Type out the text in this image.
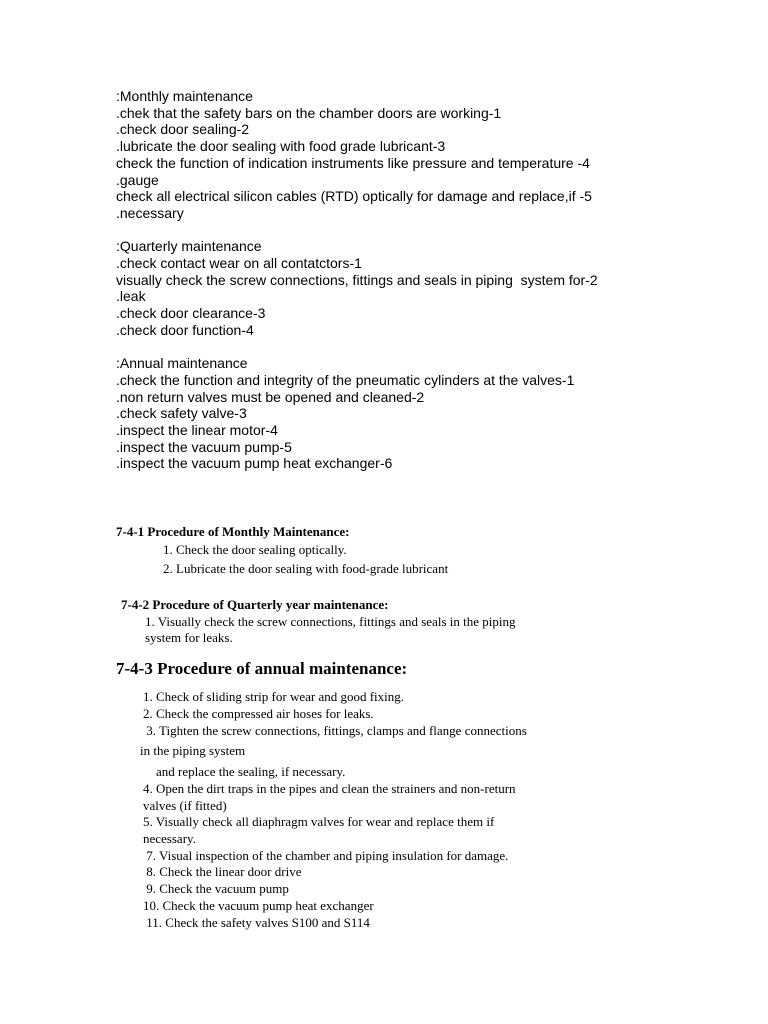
:Monthly maintenance
.chek that the safety bars on the chamber doors are working-1
.check door sealing-2
.lubricate the door sealing with food grade lubricant-3
check the function of indication instruments like pressure and temperature -4
.gauge
check all electrical silicon cables (RTD) optically for damage and replace,if -5
.necessary
:Quarterly maintenance
.check contact wear on all contatctors-1
visually check the screw connections, fittings and seals in piping  system for-2
.leak
.check door clearance-3
.check door function-4
:Annual maintenance
.check the function and integrity of the pneumatic cylinders at the valves-1
.non return valves must be opened and cleaned-2
.check safety valve-3
.inspect the linear motor-4
.inspect the vacuum pump-5
.inspect the vacuum pump heat exchanger-6
7-4-1 Procedure of Monthly Maintenance:
1. Check the door sealing optically.
2. Lubricate the door sealing with food-grade lubricant
7-4-2 Procedure of Quarterly year maintenance:
1. Visually check the screw connections, fittings and seals in the piping
system for leaks.
7-4-3 Procedure of annual maintenance:
1. Check of sliding strip for wear and good fixing.
2. Check the compressed air hoses for leaks.
3. Tighten the screw connections, fittings, clamps and flange connections
in the piping system
and replace the sealing, if necessary.
4. Open the dirt traps in the pipes and clean the strainers and non-return
valves (if fitted)
5. Visually check all diaphragm valves for wear and replace them if
necessary.
7. Visual inspection of the chamber and piping insulation for damage.
8. Check the linear door drive
9. Check the vacuum pump
10. Check the vacuum pump heat exchanger
11. Check the safety valves S100 and S114
